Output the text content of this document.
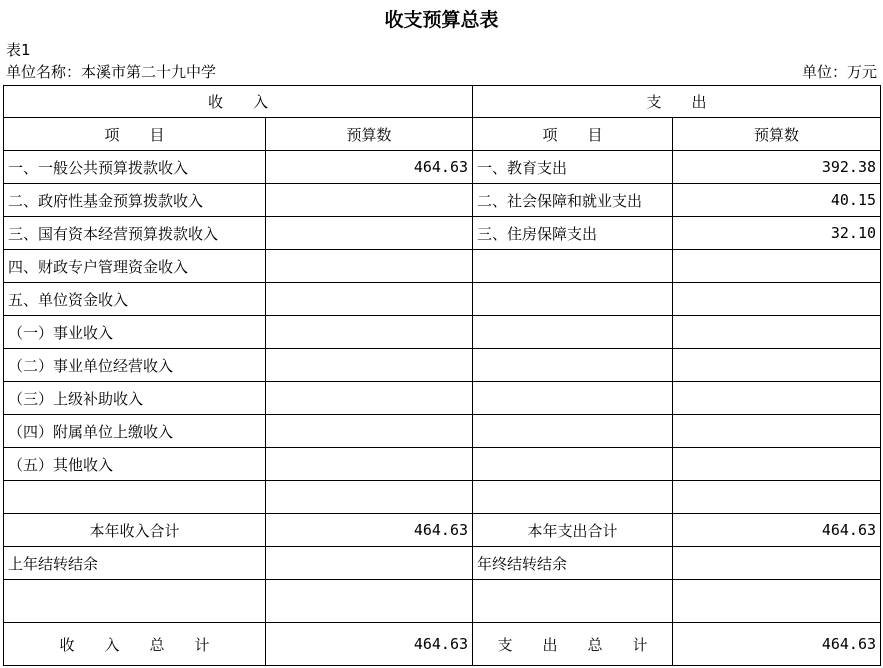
收支预算总表
表1
单位名称：本溪市第二十九中学	单位：万元
收　　入		支　　出	
项　　目	预算数	项　　目	预算数
一、一般公共预算拨款收入	464.63	一、教育支出	392.38
二、政府性基金预算拨款收入		二、社会保障和就业支出	40.15
三、国有资本经营预算拨款收入		三、住房保障支出	32.10
四、财政专户管理资金收入			
五、单位资金收入			
（一）事业收入			
（二）事业单位经营收入			
（三）上级补助收入			
（四）附属单位上缴收入			
（五）其他收入			

本年收入合计	464.63	本年支出合计	464.63
上年结转结余		年终结转结余	

收　　入　　总　　计	464.63	支　　出　　总　　计	464.63
